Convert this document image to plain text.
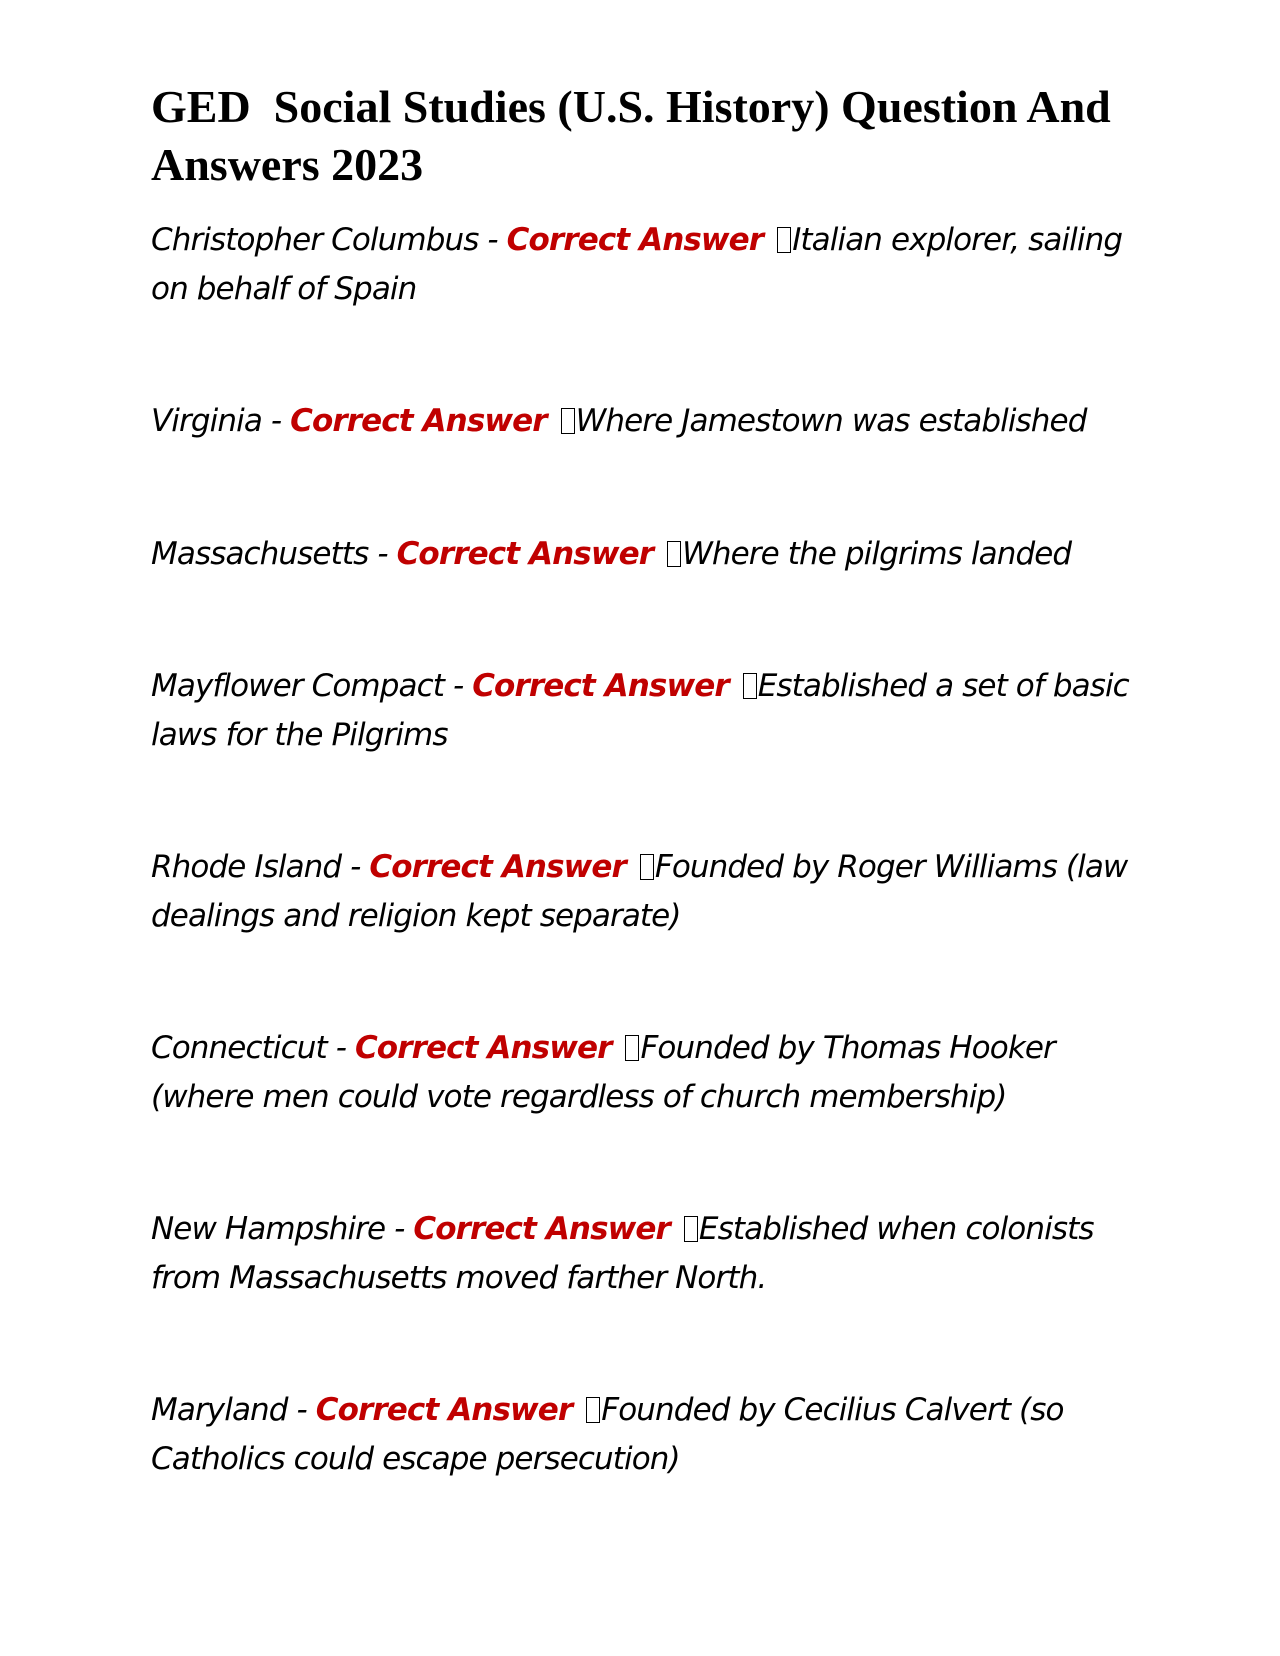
GED  Social Studies (U.S. History) Question And Answers 2023

Christopher Columbus - Correct Answer Italian explorer, sailing on behalf of Spain

Virginia - Correct Answer Where Jamestown was established

Massachusetts - Correct Answer Where the pilgrims landed

Mayflower Compact - Correct Answer Established a set of basic laws for the Pilgrims

Rhode Island - Correct Answer Founded by Roger Williams (law dealings and religion kept separate)

Connecticut - Correct Answer Founded by Thomas Hooker (where men could vote regardless of church membership)

New Hampshire - Correct Answer Established when colonists from Massachusetts moved farther North.

Maryland - Correct Answer Founded by Cecilius Calvert (so Catholics could escape persecution)
